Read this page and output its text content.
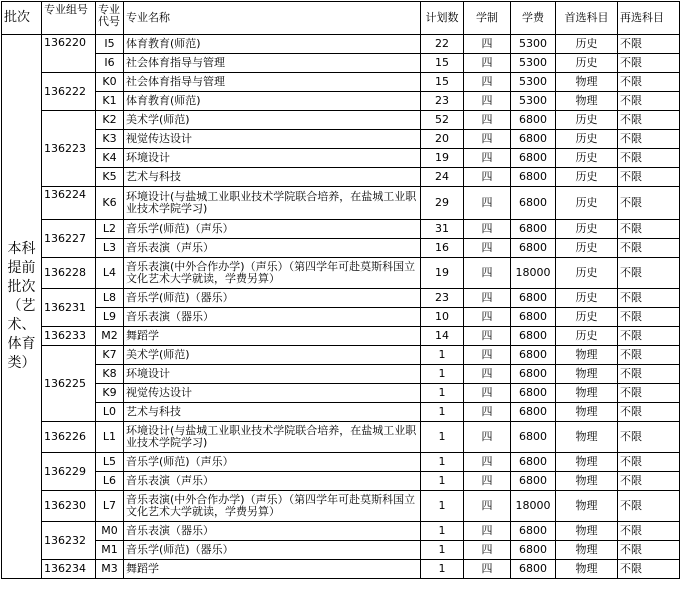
批次	专业组号	专业代号	专业名称	计划数	学制	学费	首选科目	再选科目
本科提前批次（艺术、体育类）	136220	I5	体育教育(师范)	22	四	5300	历史	不限
		I6	社会体育指导与管理	15	四	5300	历史	不限
	136222	K0	社会体育指导与管理	15	四	5300	物理	不限
		K1	体育教育(师范)	23	四	5300	物理	不限
	136223	K2	美术学(师范)	52	四	6800	历史	不限
		K3	视觉传达设计	20	四	6800	历史	不限
		K4	环境设计	19	四	6800	历史	不限
		K5	艺术与科技	24	四	6800	历史	不限
	136224	K6	环境设计(与盐城工业职业技术学院联合培养，在盐城工业职业技术学院学习)	29	四	6800	历史	不限
	136227	L2	音乐学(师范)（声乐）	31	四	6800	历史	不限
		L3	音乐表演（声乐）	16	四	6800	历史	不限
	136228	L4	音乐表演(中外合作办学)（声乐）（第四学年可赴莫斯科国立文化艺术大学就读，学费另算）	19	四	18000	历史	不限
	136231	L8	音乐学(师范)（器乐）	23	四	6800	历史	不限
		L9	音乐表演（器乐）	10	四	6800	历史	不限
	136233	M2	舞蹈学	14	四	6800	历史	不限
	136225	K7	美术学(师范)	1	四	6800	物理	不限
		K8	环境设计	1	四	6800	物理	不限
		K9	视觉传达设计	1	四	6800	物理	不限
		L0	艺术与科技	1	四	6800	物理	不限
	136226	L1	环境设计(与盐城工业职业技术学院联合培养，在盐城工业职业技术学院学习)	1	四	6800	物理	不限
	136229	L5	音乐学(师范)（声乐）	1	四	6800	物理	不限
		L6	音乐表演（声乐）	1	四	6800	物理	不限
	136230	L7	音乐表演(中外合作办学)（声乐）（第四学年可赴莫斯科国立文化艺术大学就读，学费另算）	1	四	18000	物理	不限
	136232	M0	音乐表演（器乐）	1	四	6800	物理	不限
		M1	音乐学(师范)（器乐）	1	四	6800	物理	不限
	136234	M3	舞蹈学	1	四	6800	物理	不限
